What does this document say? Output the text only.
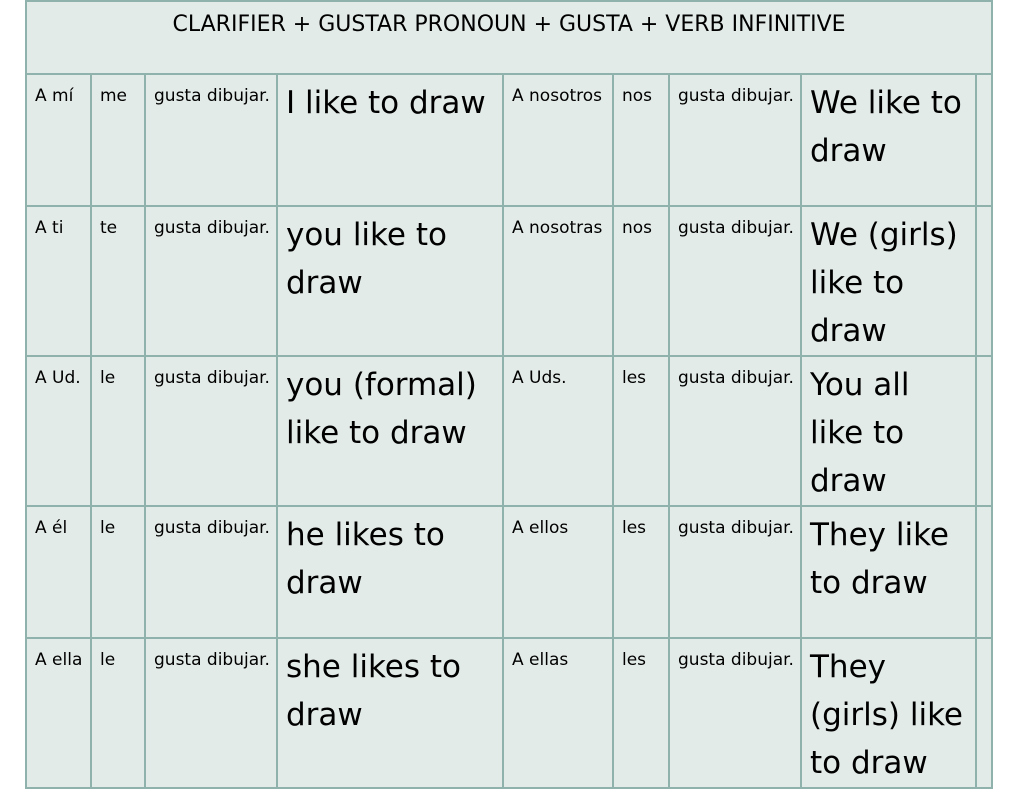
CLARIFIER + GUSTAR PRONOUN + GUSTA + VERB INFINITIVE								

A mí	me	gusta dibujar.	I like to draw	A nosotros	nos	gusta dibujar.	We like to draw	

A ti	te	gusta dibujar.	you like to draw	A nosotras	nos	gusta dibujar.	We (girls) like to draw	

A Ud.	le	gusta dibujar.	you (formal) like to draw	A Uds.	les	gusta dibujar.	You all like to draw	

A él	le	gusta dibujar.	he likes to draw	A ellos	les	gusta dibujar.	They like to draw	

A ella	le	gusta dibujar.	she likes to draw	A ellas	les	gusta dibujar.	They (girls) like to draw	
